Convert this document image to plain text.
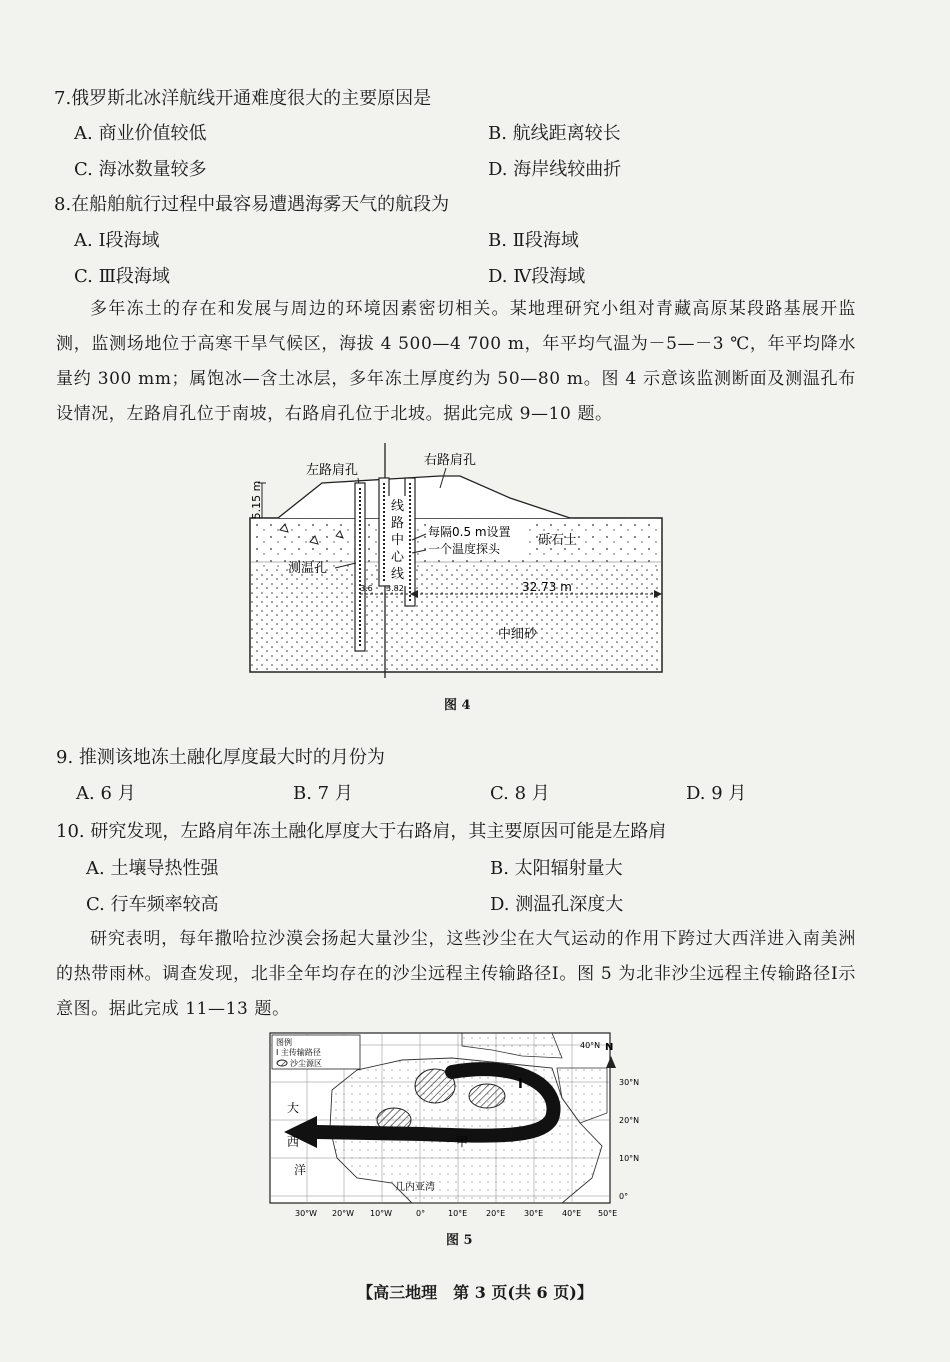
7.俄罗斯北冰洋航线开通难度很大的主要原因是
A. 商业价值较低	B. 航线距离较长
C. 海冰数量较多	D. 海岸线较曲折
8.在船舶航行过程中最容易遭遇海雾天气的航段为
A. Ⅰ段海域	B. Ⅱ段海域
C. Ⅲ段海域	D. Ⅳ段海域
多年冻土的存在和发展与周边的环境因素密切相关。某地理研究小组对青藏高原某段路基展开监测，监测场地位于高寒干旱气候区，海拔 4 500—4 700 m，年平均气温为－5—－3 ℃，年平均降水量约 300 mm；属饱冰—含土冰层，多年冻土厚度约为 50—80 m。图 4 示意该监测断面及测温孔布设情况，左路肩孔位于南坡，右路肩孔位于北坡。据此完成 9—10 题。
5.15 m
左路肩孔
右路肩孔
线
路
中
心
线
每隔0.5 m设置
一个温度探头
砾石土
测温孔
3.6 3.82	32.73 m
中细砂
图 4
9. 推测该地冻土融化厚度最大时的月份为
A. 6 月	B. 7 月	C. 8 月	D. 9 月
10. 研究发现，左路肩年冻土融化厚度大于右路肩，其主要原因可能是左路肩
A. 土壤导热性强	B. 太阳辐射量大
C. 行车频率较高	D. 测温孔深度大
研究表明，每年撒哈拉沙漠会扬起大量沙尘，这些沙尘在大气运动的作用下跨过大西洋进入南美洲的热带雨林。调查发现，北非全年均存在的沙尘远程主传输路径Ⅰ。图 5 为北非沙尘远程主传输路径Ⅰ示意图。据此完成 11—13 题。
图例
Ⅰ 主传输路径
沙尘源区
大
西
洋
甲
Ⅰ
几内亚湾
N
40°N
30°N
20°N
10°N
0°
30°W 20°W 10°W	0°	10°E 20°E 30°E 40°E 50°E
图 5
【高三地理　第 3 页(共 6 页)】
